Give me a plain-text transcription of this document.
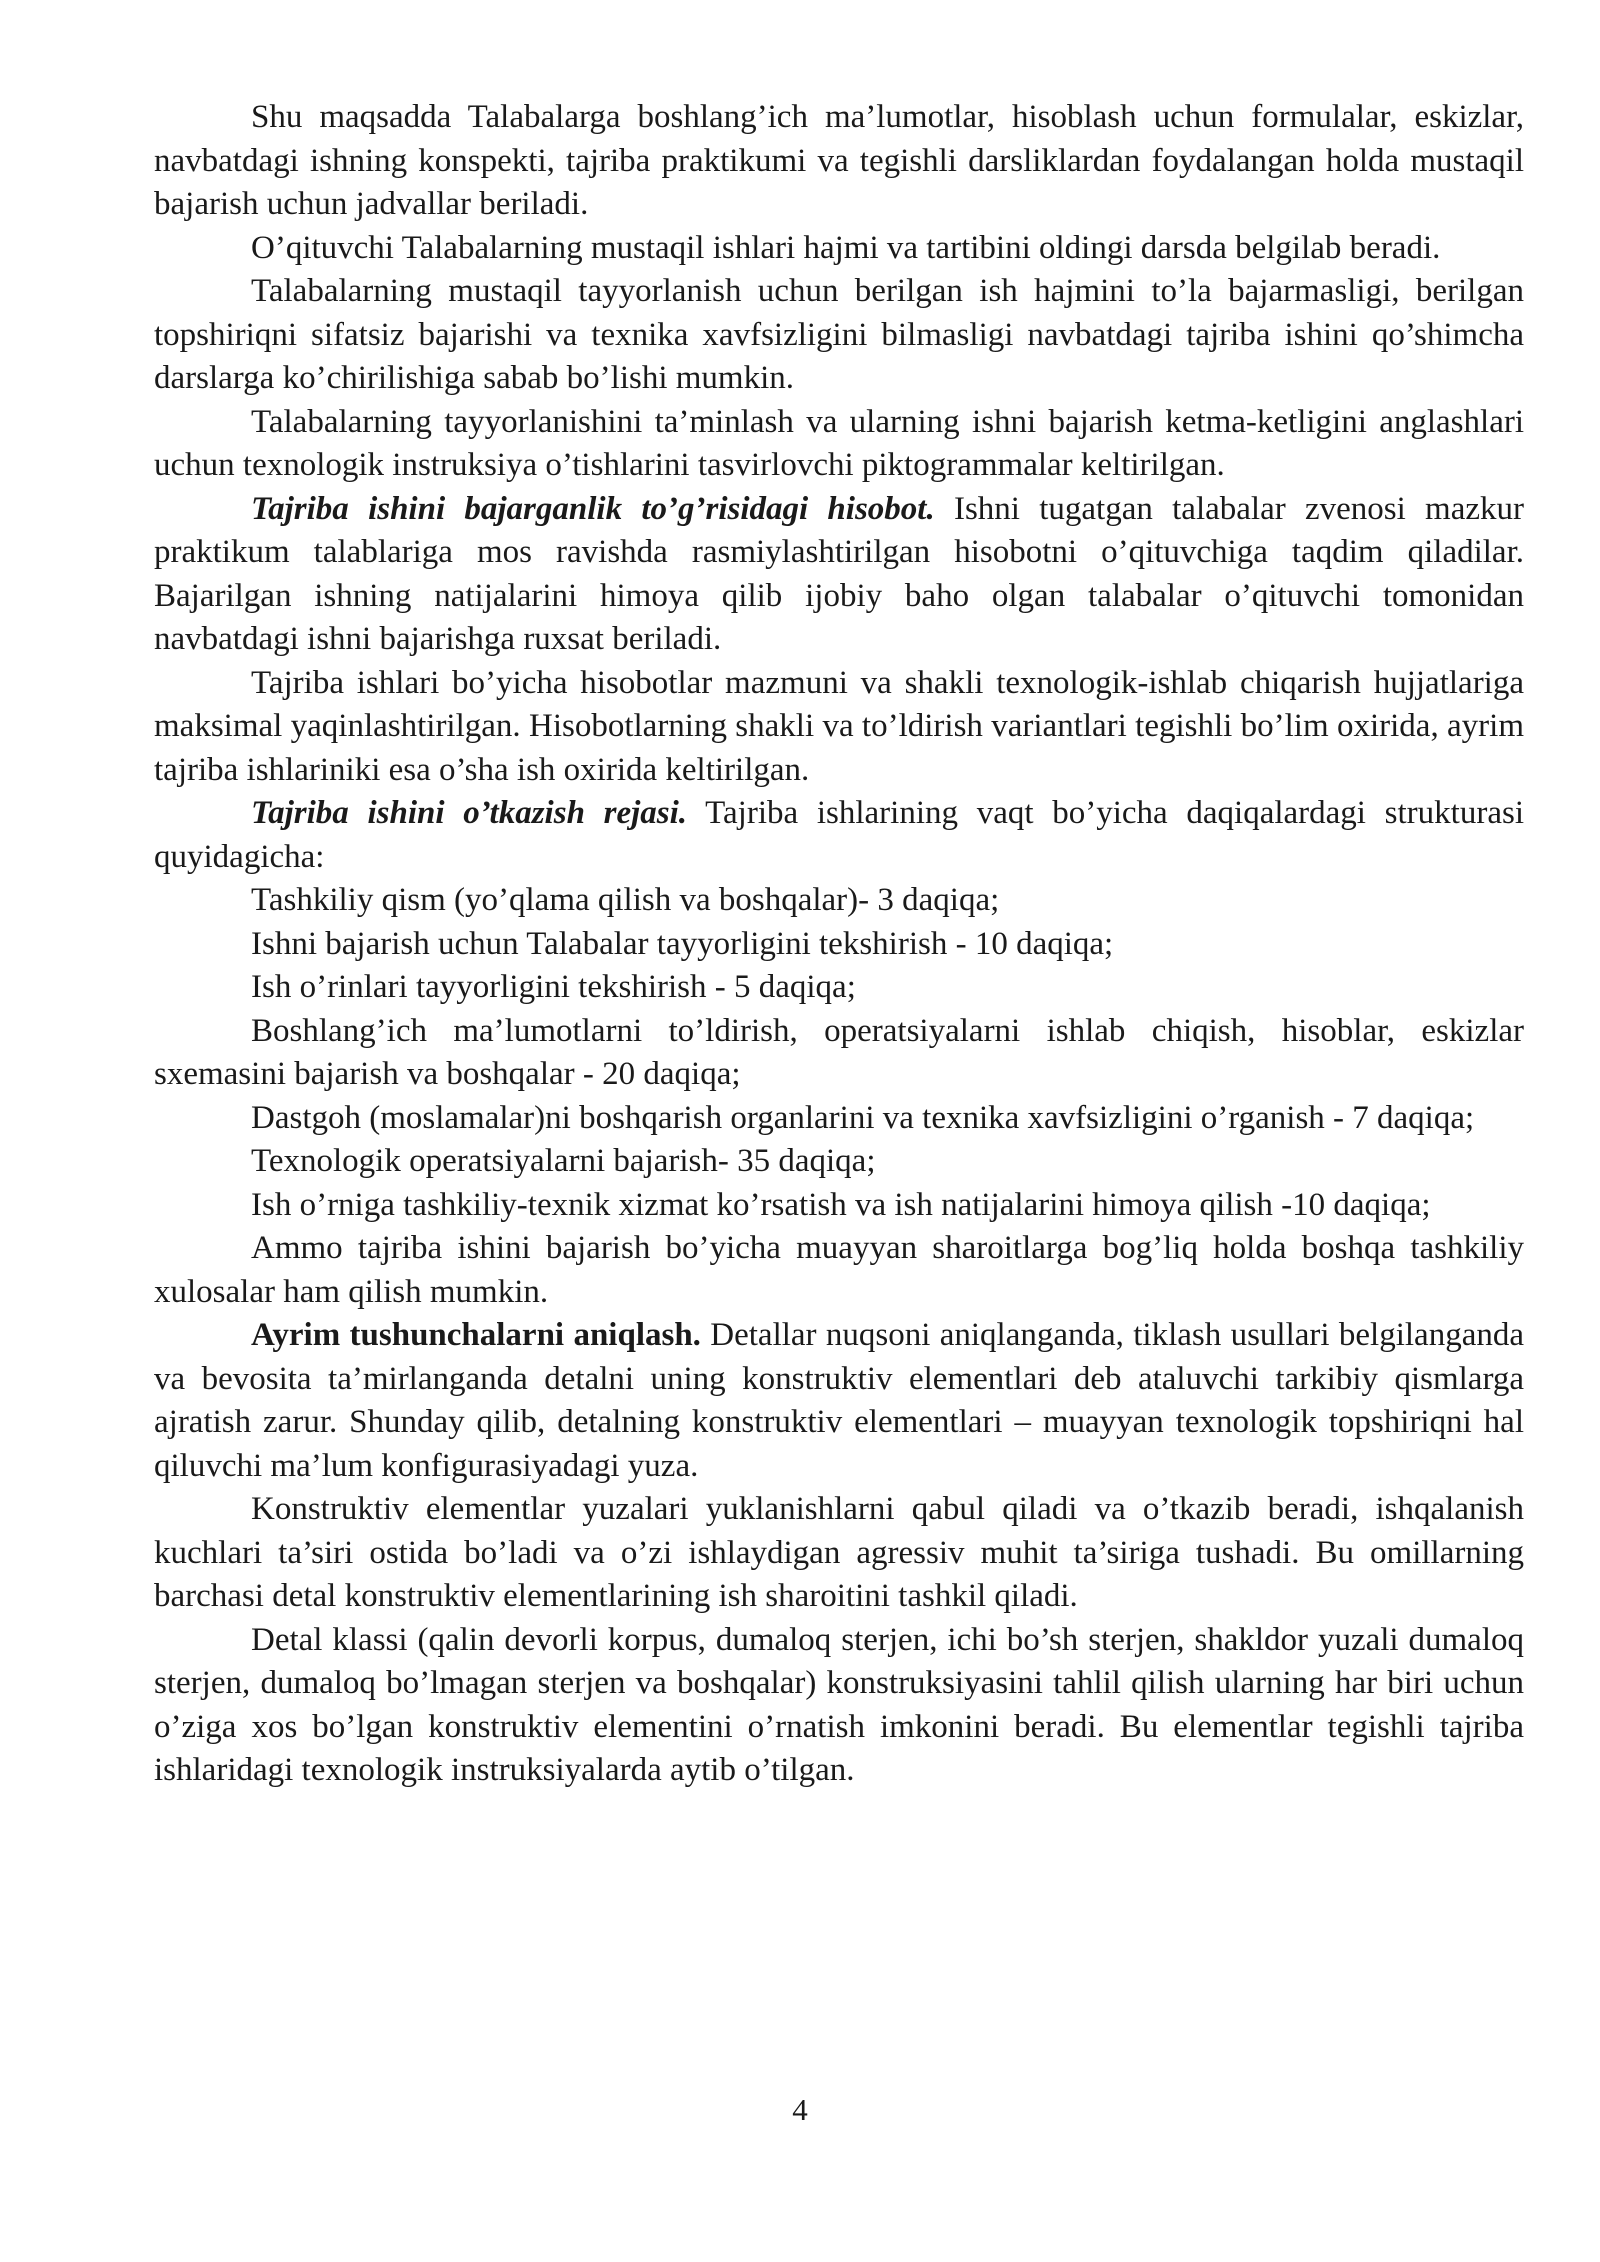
Shu maqsadda Talabalarga boshlang’ich ma’lumotlar, hisoblash uchun formulalar, eskizlar, navbatdagi ishning konspekti, tajriba praktikumi va tegishli darsliklardan foydalangan holda mustaqil bajarish uchun jadvallar beriladi.

O’qituvchi Talabalarning mustaqil ishlari hajmi va tartibini oldingi darsda belgilab beradi.

Talabalarning mustaqil tayyorlanish uchun berilgan ish hajmini to’la bajarmasligi, berilgan topshiriqni sifatsiz bajarishi va texnika xavfsizligini bilmasligi navbatdagi tajriba ishini qo’shimcha darslarga ko’chirilishiga sabab bo’lishi mumkin.

Talabalarning tayyorlanishini ta’minlash va ularning ishni bajarish ketma-ketligini anglashlari uchun texnologik instruksiya o’tishlarini tasvirlovchi piktogrammalar keltirilgan.

Tajriba ishini bajarganlik to’g’risidagi hisobot. Ishni tugatgan talabalar zvenosi mazkur praktikum talablariga mos ravishda rasmiylashtirilgan hisobotni o’qituvchiga taqdim qiladilar. Bajarilgan ishning natijalarini himoya qilib ijobiy baho olgan talabalar o’qituvchi tomonidan navbatdagi ishni bajarishga ruxsat beriladi.

Tajriba ishlari bo’yicha hisobotlar mazmuni va shakli texnologik-ishlab chiqarish hujjatlariga maksimal yaqinlashtirilgan. Hisobotlarning shakli va to’ldirish variantlari tegishli bo’lim oxirida, ayrim tajriba ishlariniki esa o’sha ish oxirida keltirilgan.

Tajriba ishini o’tkazish rejasi. Tajriba ishlarining vaqt bo’yicha daqiqalardagi strukturasi quyidagicha:

Tashkiliy qism (yo’qlama qilish va boshqalar)- 3 daqiqa;

Ishni bajarish uchun Talabalar tayyorligini tekshirish - 10 daqiqa;

Ish o’rinlari tayyorligini tekshirish - 5 daqiqa;

Boshlang’ich ma’lumotlarni to’ldirish, operatsiyalarni ishlab chiqish, hisoblar, eskizlar sxemasini bajarish va boshqalar - 20 daqiqa;

Dastgoh (moslamalar)ni boshqarish organlarini va texnika xavfsizligini o’rganish - 7 daqiqa;

Texnologik operatsiyalarni bajarish- 35 daqiqa;

Ish o’rniga tashkiliy-texnik xizmat ko’rsatish va ish natijalarini himoya qilish -10 daqiqa;

Ammo tajriba ishini bajarish bo’yicha muayyan sharoitlarga bog’liq holda boshqa tashkiliy xulosalar ham qilish mumkin.

Ayrim tushunchalarni aniqlash. Detallar nuqsoni aniqlanganda, tiklash usullari belgilanganda va bevosita ta’mirlanganda detalni uning konstruktiv elementlari deb ataluvchi tarkibiy qismlarga ajratish zarur. Shunday qilib, detalning konstruktiv elementlari – muayyan texnologik topshiriqni hal qiluvchi ma’lum konfigurasiyadagi yuza.

Konstruktiv elementlar yuzalari yuklanishlarni qabul qiladi va o’tkazib beradi, ishqalanish kuchlari ta’siri ostida bo’ladi va o’zi ishlaydigan agressiv muhit ta’siriga tushadi. Bu omillarning barchasi detal konstruktiv elementlarining ish sharoitini tashkil qiladi.

Detal klassi (qalin devorli korpus, dumaloq sterjen, ichi bo’sh sterjen, shakldor yuzali dumaloq sterjen, dumaloq bo’lmagan sterjen va boshqalar) konstruksiyasini tahlil qilish ularning har biri uchun o’ziga xos bo’lgan konstruktiv elementini o’rnatish imkonini beradi. Bu elementlar tegishli tajriba ishlaridagi texnologik instruksiyalarda aytib o’tilgan.

4
